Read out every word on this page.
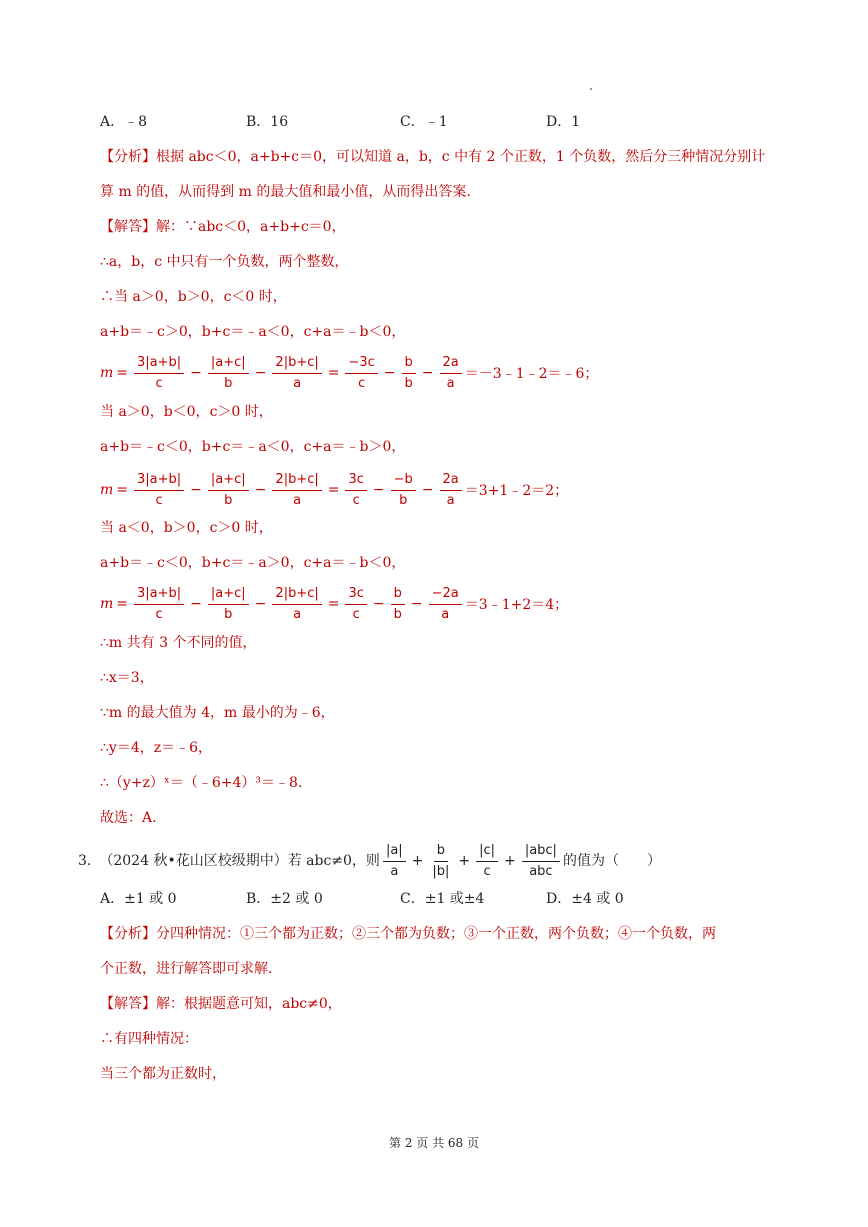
A．﹣8	B．16	C．﹣1	D．1
【分析】根据 abc＜0，a+b+c＝0，可以知道 a，b，c 中有 2 个正数，1 个负数，然后分三种情况分别计
算 m 的值，从而得到 m 的最大值和最小值，从而得出答案.
【解答】解：∵abc＜0，a+b+c＝0，
∴a，b，c 中只有一个负数，两个整数，
∴当 a＞0，b＞0，c＜0 时，
a+b＝﹣c＞0，b+c＝﹣a＜0，c+a＝﹣b＜0，
$m = \frac{3|a+b|}{c} - \frac{|a+c|}{b} - \frac{2|b+c|}{a} = \frac{-3c}{c} - \frac{b}{b} - \frac{2a}{a}$ ＝－3﹣1﹣2＝﹣6；
当 a＞0，b＜0，c＞0 时，
a+b＝﹣c＜0，b+c＝﹣a＜0，c+a＝﹣b＞0，
$m = \frac{3|a+b|}{c} - \frac{|a+c|}{b} - \frac{2|b+c|}{a} = \frac{3c}{c} - \frac{-b}{b} - \frac{2a}{a}$ ＝3+1﹣2＝2；
当 a＜0，b＞0，c＞0 时，
a+b＝﹣c＜0，b+c＝﹣a＞0，c+a＝﹣b＜0，
$m = \frac{3|a+b|}{c} - \frac{|a+c|}{b} - \frac{2|b+c|}{a} = \frac{3c}{c} - \frac{b}{b} - \frac{-2a}{a}$ ＝3﹣1+2＝4；
∴m 共有 3 个不同的值，
∴x＝3，
∵m 的最大值为 4，m 最小的为﹣6，
∴y＝4，z＝﹣6，
∴（y+z）ˣ＝（﹣6+4）³＝﹣8.
故选：A.
3. （2024 秋•花山区校级期中）若 abc≠0，则 $\frac{|a|}{a} + \frac{b}{|b|} + \frac{|c|}{c} + \frac{\text{|abc|}}{\text{abc}}$ 的值为（　　）
A．±1 或 0	B．±2 或 0	C．±1 或±4	D．±4 或 0
【分析】分四种情况：①三个都为正数；②三个都为负数；③一个正数，两个负数；④一个负数，两
个正数，进行解答即可求解.
【解答】解：根据题意可知，abc≠0，
∴有四种情况：
当三个都为正数时，
第 2 页 共 68 页
